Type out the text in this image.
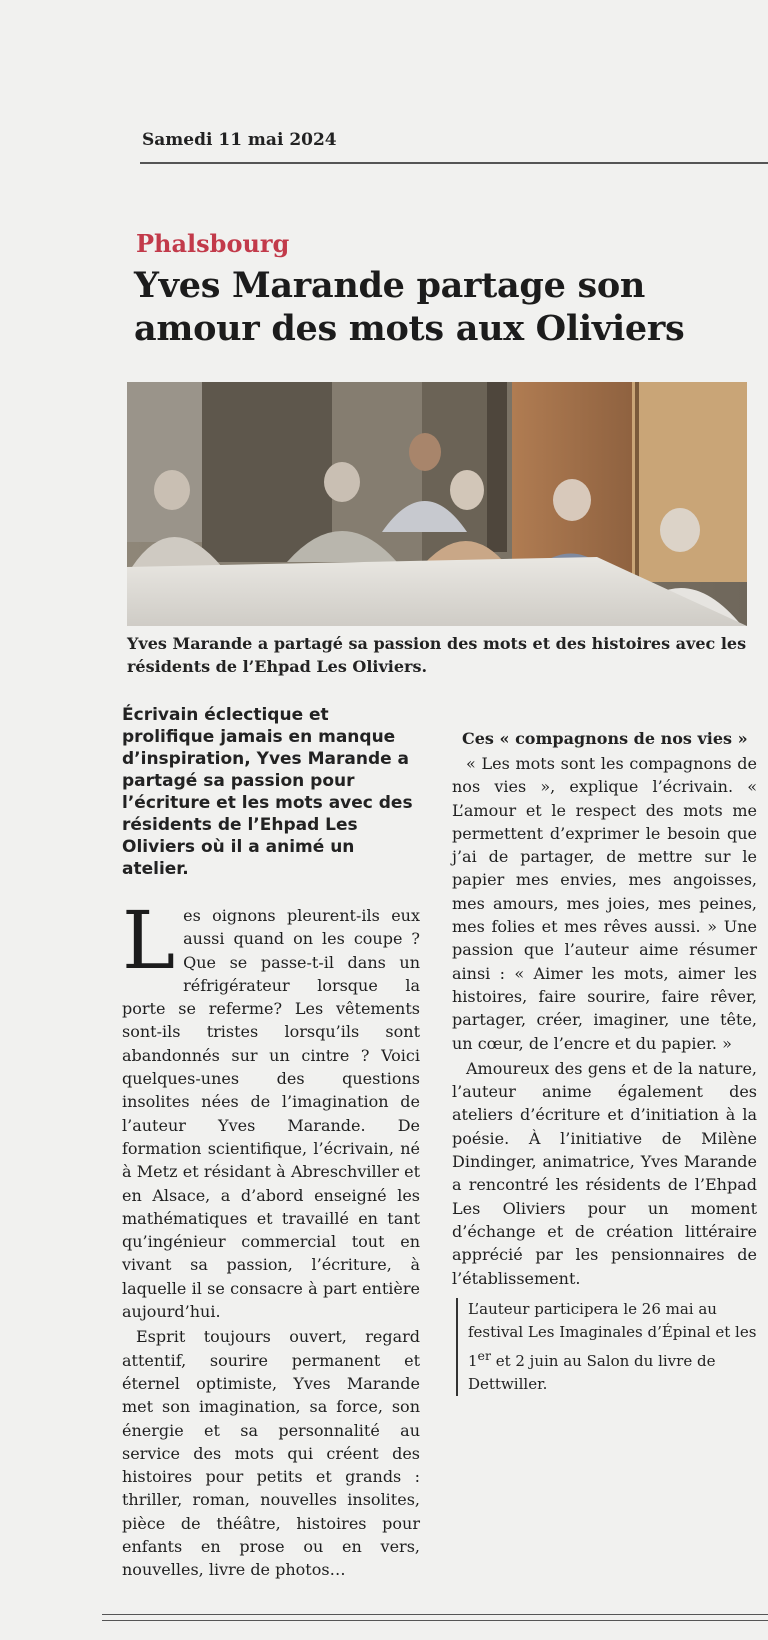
Samedi 11 mai 2024
Phalsbourg
Yves Marande partage son amour des mots aux Oliviers
Yves Marande a partagé sa passion des mots et des histoires avec les résidents de l’Ehpad Les Oliviers.

Écrivain éclectique et prolifique jamais en manque d’inspiration, Yves Marande a partagé sa passion pour l’écriture et les mots avec des résidents de l’Ehpad Les Oliviers où il a animé un atelier.

Les oignons pleurent-ils eux aussi quand on les coupe ? Que se passe-t-il dans un réfrigérateur lorsque la porte se referme? Les vêtements sont-ils tristes lorsqu’ils sont abandonnés sur un cintre ? Voici quelques-unes des questions insolites nées de l’imagination de l’auteur Yves Marande. De formation scientifique, l’écrivain, né à Metz et résidant à Abreschviller et en Alsace, a d’abord enseigné les mathématiques et travaillé en tant qu’ingénieur commercial tout en vivant sa passion, l’écriture, à laquelle il se consacre à part entière aujourd’hui.

Esprit toujours ouvert, regard attentif, sourire permanent et éternel optimiste, Yves Marande met son imagination, sa force, son énergie et sa personnalité au service des mots qui créent des histoires pour petits et grands : thriller, roman, nouvelles insolites, pièce de théâtre, histoires pour enfants en prose ou en vers, nouvelles, livre de photos…

Ces « compagnons de nos vies »

« Les mots sont les compagnons de nos vies », explique l’écrivain. « L’amour et le respect des mots me permettent d’exprimer le besoin que j’ai de partager, de mettre sur le papier mes envies, mes angoisses, mes amours, mes joies, mes peines, mes folies et mes rêves aussi. » Une passion que l’auteur aime résumer ainsi : « Aimer les mots, aimer les histoires, faire sourire, faire rêver, partager, créer, imaginer, une tête, un cœur, de l’encre et du papier. »

Amoureux des gens et de la nature, l’auteur anime également des ateliers d’écriture et d’initiation à la poésie. À l’initiative de Milène Dindinger, animatrice, Yves Marande a rencontré les résidents de l’Ehpad Les Oliviers pour un moment d’échange et de création littéraire apprécié par les pensionnaires de l’établissement.

L’auteur participera le 26 mai au festival Les Imaginales d’Épinal et les 1er et 2 juin au Salon du livre de Dettwiller.
